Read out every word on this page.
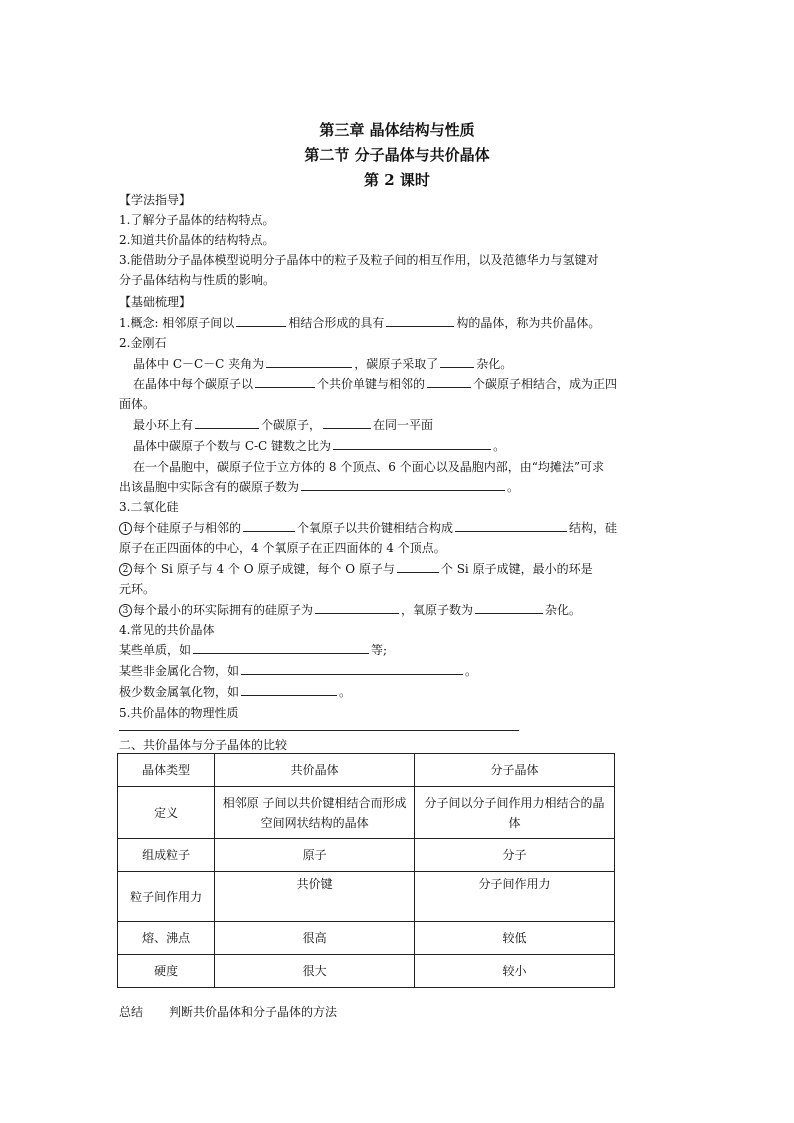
第三章 晶体结构与性质
第二节 分子晶体与共价晶体
第 2 课时
【学法指导】
1.了解分子晶体的结构特点。
2.知道共价晶体的结构特点。
3.能借助分子晶体模型说明分子晶体中的粒子及粒子间的相互作用，以及范德华力与氢键对
分子晶体结构与性质的影响。
【基础梳理】
1.概念: 相邻原子间以	相结合形成的具有	构的晶体，称为共价晶体。
2.金刚石
晶体中 C－C－C 夹角为	，碳原子采取了	杂化。
在晶体中每个碳原子以	个共价单键与相邻的	个碳原子相结合，成为正四
面体。
最小环上有	个碳原子，	在同一平面
晶体中碳原子个数与 C-C 键数之比为	。
在一个晶胞中，碳原子位于立方体的 8 个顶点、6 个面心以及晶胞内部，由“均摊法”可求
出该晶胞中实际含有的碳原子数为	。
3.二氧化硅
1 每个硅原子与相邻的	个氧原子以共价键相结合构成	结构，硅
原子在正四面体的中心，4 个氧原子在正四面体的 4 个顶点。
2 每个 Si 原子与 4 个 O 原子成键，每个 O 原子与	个 Si 原子成键，最小的环是
元环。
3 每个最小的环实际拥有的硅原子为	，氧原子数为	杂化。
4.常见的共价晶体
某些单质，如	等;
某些非金属化合物，如	。
极少数金属氧化物，如	。
5.共价晶体的物理性质
二、共价晶体与分子晶体的比较
晶体类型	共价晶体	分子晶体
定义	相邻原 子间以共价键相结合而形成空间网状结构的晶体	分子间以分子间作用力相结合的晶体
组成粒子	原子	分子
粒子间作用力	共价键	分子间作用力
熔、沸点	很高	较低
硬度	很大	较小
总结 判断共价晶体和分子晶体的方法
